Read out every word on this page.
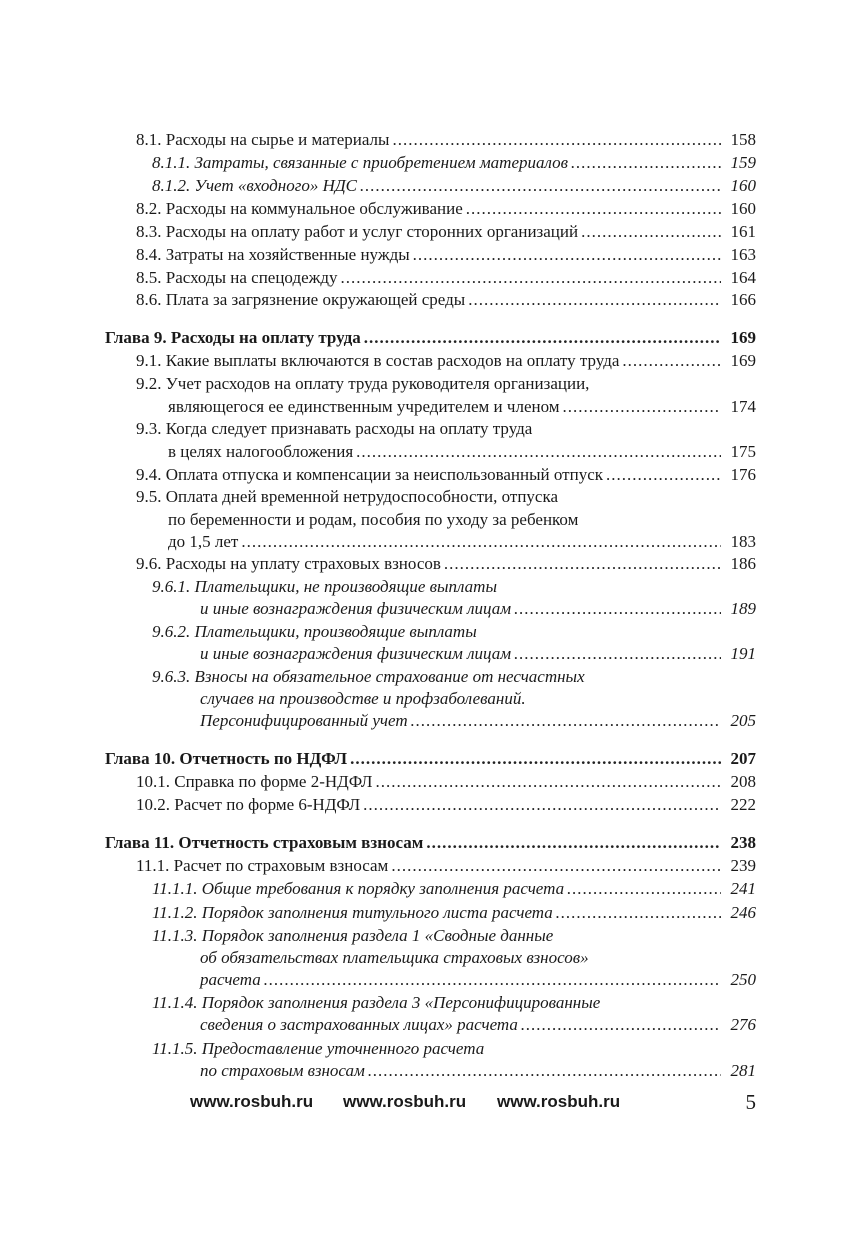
8.1. Расходы на сырье и материалы .....	158
8.1.1. Затраты, связанные с приобретением материалов .....	159
8.1.2. Учет «входного» НДС .....	160
8.2. Расходы на коммунальное обслуживание .....	160
8.3. Расходы на оплату работ и услуг сторонних организаций .....	161
8.4. Затраты на хозяйственные нужды .....	163
8.5. Расходы на спецодежду .....	164
8.6. Плата за загрязнение окружающей среды .....	166
Глава 9. Расходы на оплату труда .....	169
9.1. Какие выплаты включаются в состав расходов на оплату труда .....	169
9.2. Учет расходов на оплату труда руководителя организации,
являющегося ее единственным учредителем и членом .....	174
9.3. Когда следует признавать расходы на оплату труда
в целях налогообложения .....	175
9.4. Оплата отпуска и компенсации за неиспользованный отпуск .....	176
9.5. Оплата дней временной нетрудоспособности, отпуска
по беременности и родам, пособия по уходу за ребенком
до 1,5 лет .....	183
9.6. Расходы на уплату страховых взносов .....	186
9.6.1. Плательщики, не производящие выплаты
и иные вознаграждения физическим лицам .....	189
9.6.2. Плательщики, производящие выплаты
и иные вознаграждения физическим лицам .....	191
9.6.3. Взносы на обязательное страхование от несчастных
случаев на производстве и профзаболеваний.
Персонифицированный учет .....	205
Глава 10. Отчетность по НДФЛ .....	207
10.1. Справка по форме 2-НДФЛ .....	208
10.2. Расчет по форме 6-НДФЛ .....	222
Глава 11. Отчетность страховым взносам .....	238
11.1. Расчет по страховым взносам .....	239
11.1.1. Общие требования к порядку заполнения расчета .....	241
11.1.2. Порядок заполнения титульного листа расчета .....	246
11.1.3. Порядок заполнения раздела 1 «Сводные данные
об обязательствах плательщика страховых взносов»
расчета .....	250
11.1.4. Порядок заполнения раздела 3 «Персонифицированные
сведения о застрахованных лицах» расчета .....	276
11.1.5. Предоставление уточненного расчета
по страховым взносам .....	281
www.rosbuh.ru www.rosbuh.ru www.rosbuh.ru	5
